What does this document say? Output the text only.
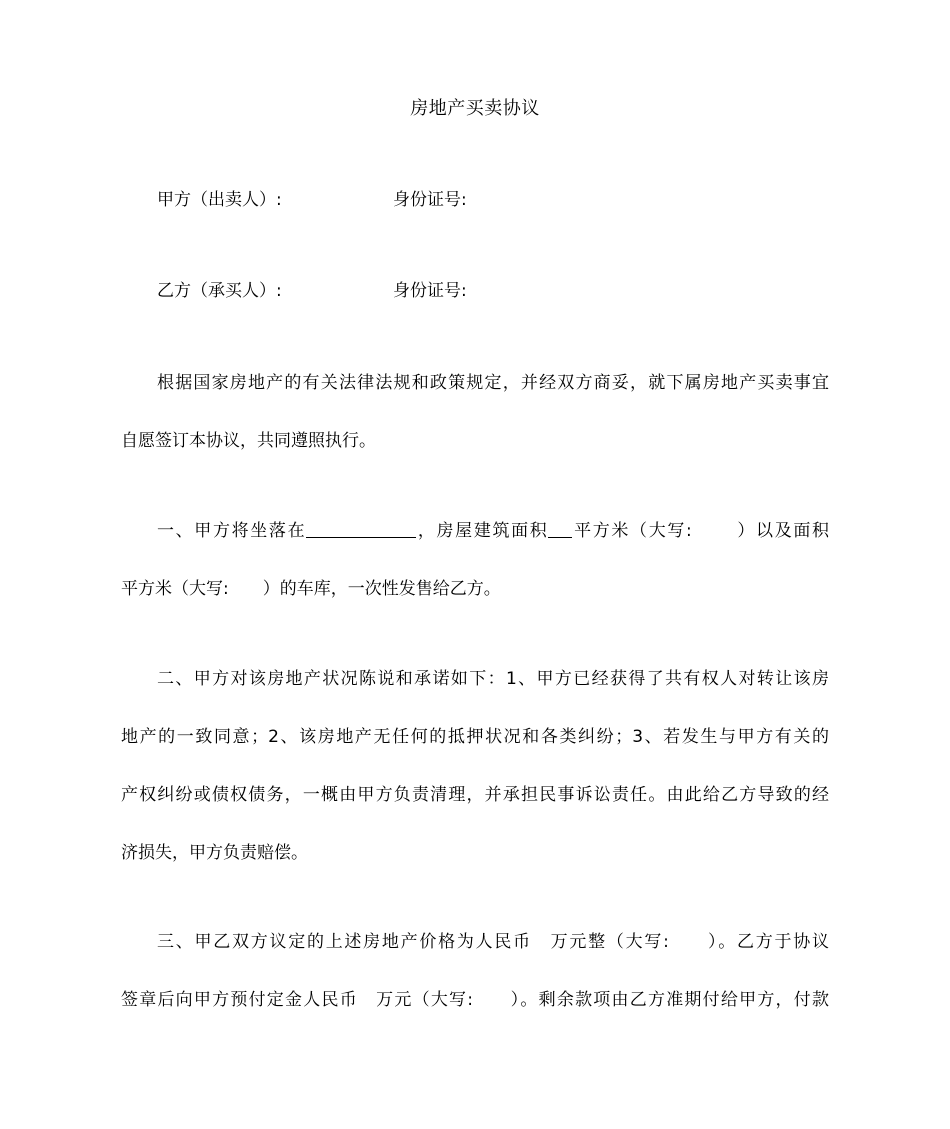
房地产买卖协议
甲方（出卖人）:	身份证号:
乙方（承买人）:	身份证号:
根据国家房地产的有关法律法规和政策规定，并经双方商妥，就下属房地产买卖事宜
自愿签订本协议，共同遵照执行。
一、甲方将坐落在	，房屋建筑面积 平方米（大写:	）以及面积
平方米（大写:　　）的车库，一次性发售给乙方。
二、甲方对该房地产状况陈说和承诺如下：1、甲方已经获得了共有权人对转让该房
地产的一致同意；2、该房地产无任何的抵押状况和各类纠纷；3、若发生与甲方有关的
产权纠纷或债权债务，一概由甲方负责清理，并承担民事诉讼责任。由此给乙方导致的经
济损失，甲方负责赔偿。
三、甲乙双方议定的上述房地产价格为人民币　万元整（大写:　　）。乙方于协议
签章后向甲方预付定金人民币　万元（大写:　　）。剩余款项由乙方准期付给甲方，付款
